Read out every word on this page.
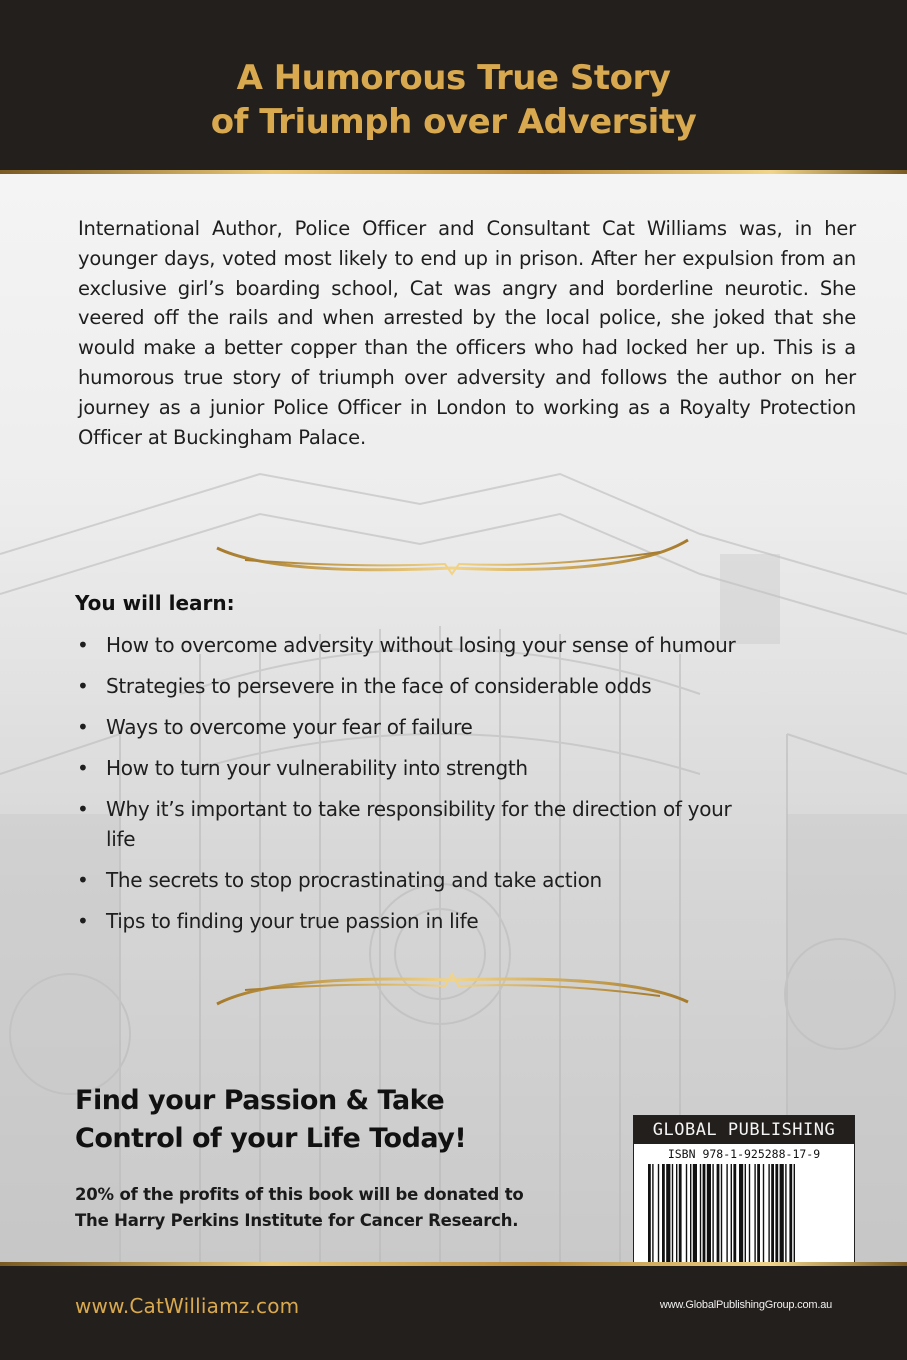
A Humorous True Story
of Triumph over Adversity
International Author, Police Officer and Consultant Cat Williams was, in her younger days, voted most likely to end up in prison. After her expulsion from an exclusive girl’s boarding school, Cat was angry and borderline neurotic. She veered off the rails and when arrested by the local police, she joked that she would make a better copper than the officers who had locked her up. This is a humorous true story of triumph over adversity and follows the author on her journey as a junior Police Officer in London to working as a Royalty Protection Officer at Buckingham Palace.
You will learn:
• How to overcome adversity without losing your sense of humour
• Strategies to persevere in the face of considerable odds
• Ways to overcome your fear of failure
• How to turn your vulnerability into strength
• Why it’s important to take responsibility for the direction of your life
• The secrets to stop procrastinating and take action
• Tips to finding your true passion in life
Find your Passion & Take
Control of your Life Today!
20% of the profits of this book will be donated to
The Harry Perkins Institute for Cancer Research.
GLOBAL PUBLISHING
ISBN 978-1-925288-17-9
www.CatWilliamz.com	www.GlobalPublishingGroup.com.au
